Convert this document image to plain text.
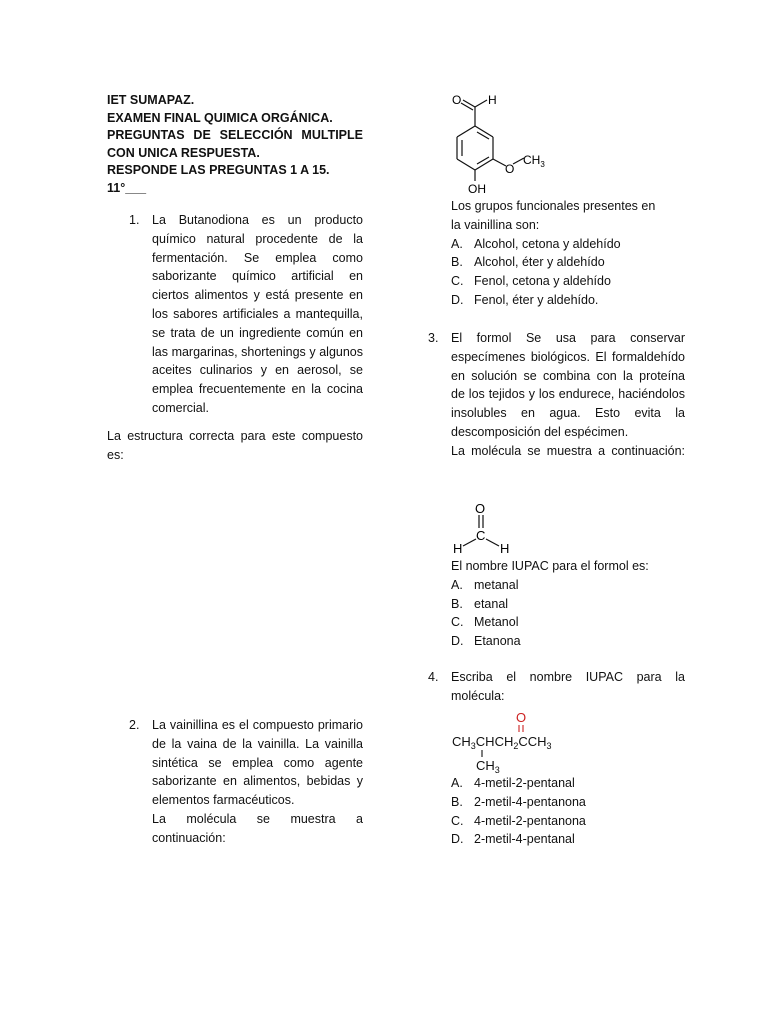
IET SUMAPAZ.
EXAMEN FINAL QUIMICA ORGÁNICA.
PREGUNTAS DE SELECCIÓN MULTIPLE CON UNICA RESPUESTA.
RESPONDE LAS PREGUNTAS 1 A 15.
11°___
1. La Butanodiona es un producto químico natural procedente de la fermentación. Se emplea como saborizante químico artificial en ciertos alimentos y está presente en los sabores artificiales a mantequilla, se trata de un ingrediente común en las margarinas, shortenings y algunos aceites culinarios y en aerosol, se emplea frecuentemente en la cocina comercial.
La estructura correcta para este compuesto es:
2. La vainillina es el compuesto primario de la vaina de la vainilla. La vainilla sintética se emplea como agente saborizante en alimentos, bebidas y elementos farmacéuticos.
La molécula se muestra a continuación:
O H
O
$CH_3$
OH
Los grupos funcionales presentes en la vainillina son:
A. Alcohol, cetona y aldehído
B. Alcohol, éter y aldehído
C. Fenol, cetona y aldehído
D. Fenol, éter y aldehído.
3. El formol Se usa para conservar especímenes biológicos. El formaldehído en solución se combina con la proteína de los tejidos y los endurece, haciéndolos insolubles en agua. Esto evita la descomposición del espécimen.
La molécula se muestra a continuación:
O
C
H	H
El nombre IUPAC para el formol es:
A. metanal
B. etanal
C. Metanol
D. Etanona
4. Escriba el nombre IUPAC para la molécula:
O
$CH_3CHCH_2CCH_3$
$CH_3$
A. 4-metil-2-pentanal
B. 2-metil-4-pentanona
C. 4-metil-2-pentanona
D. 2-metil-4-pentanal
